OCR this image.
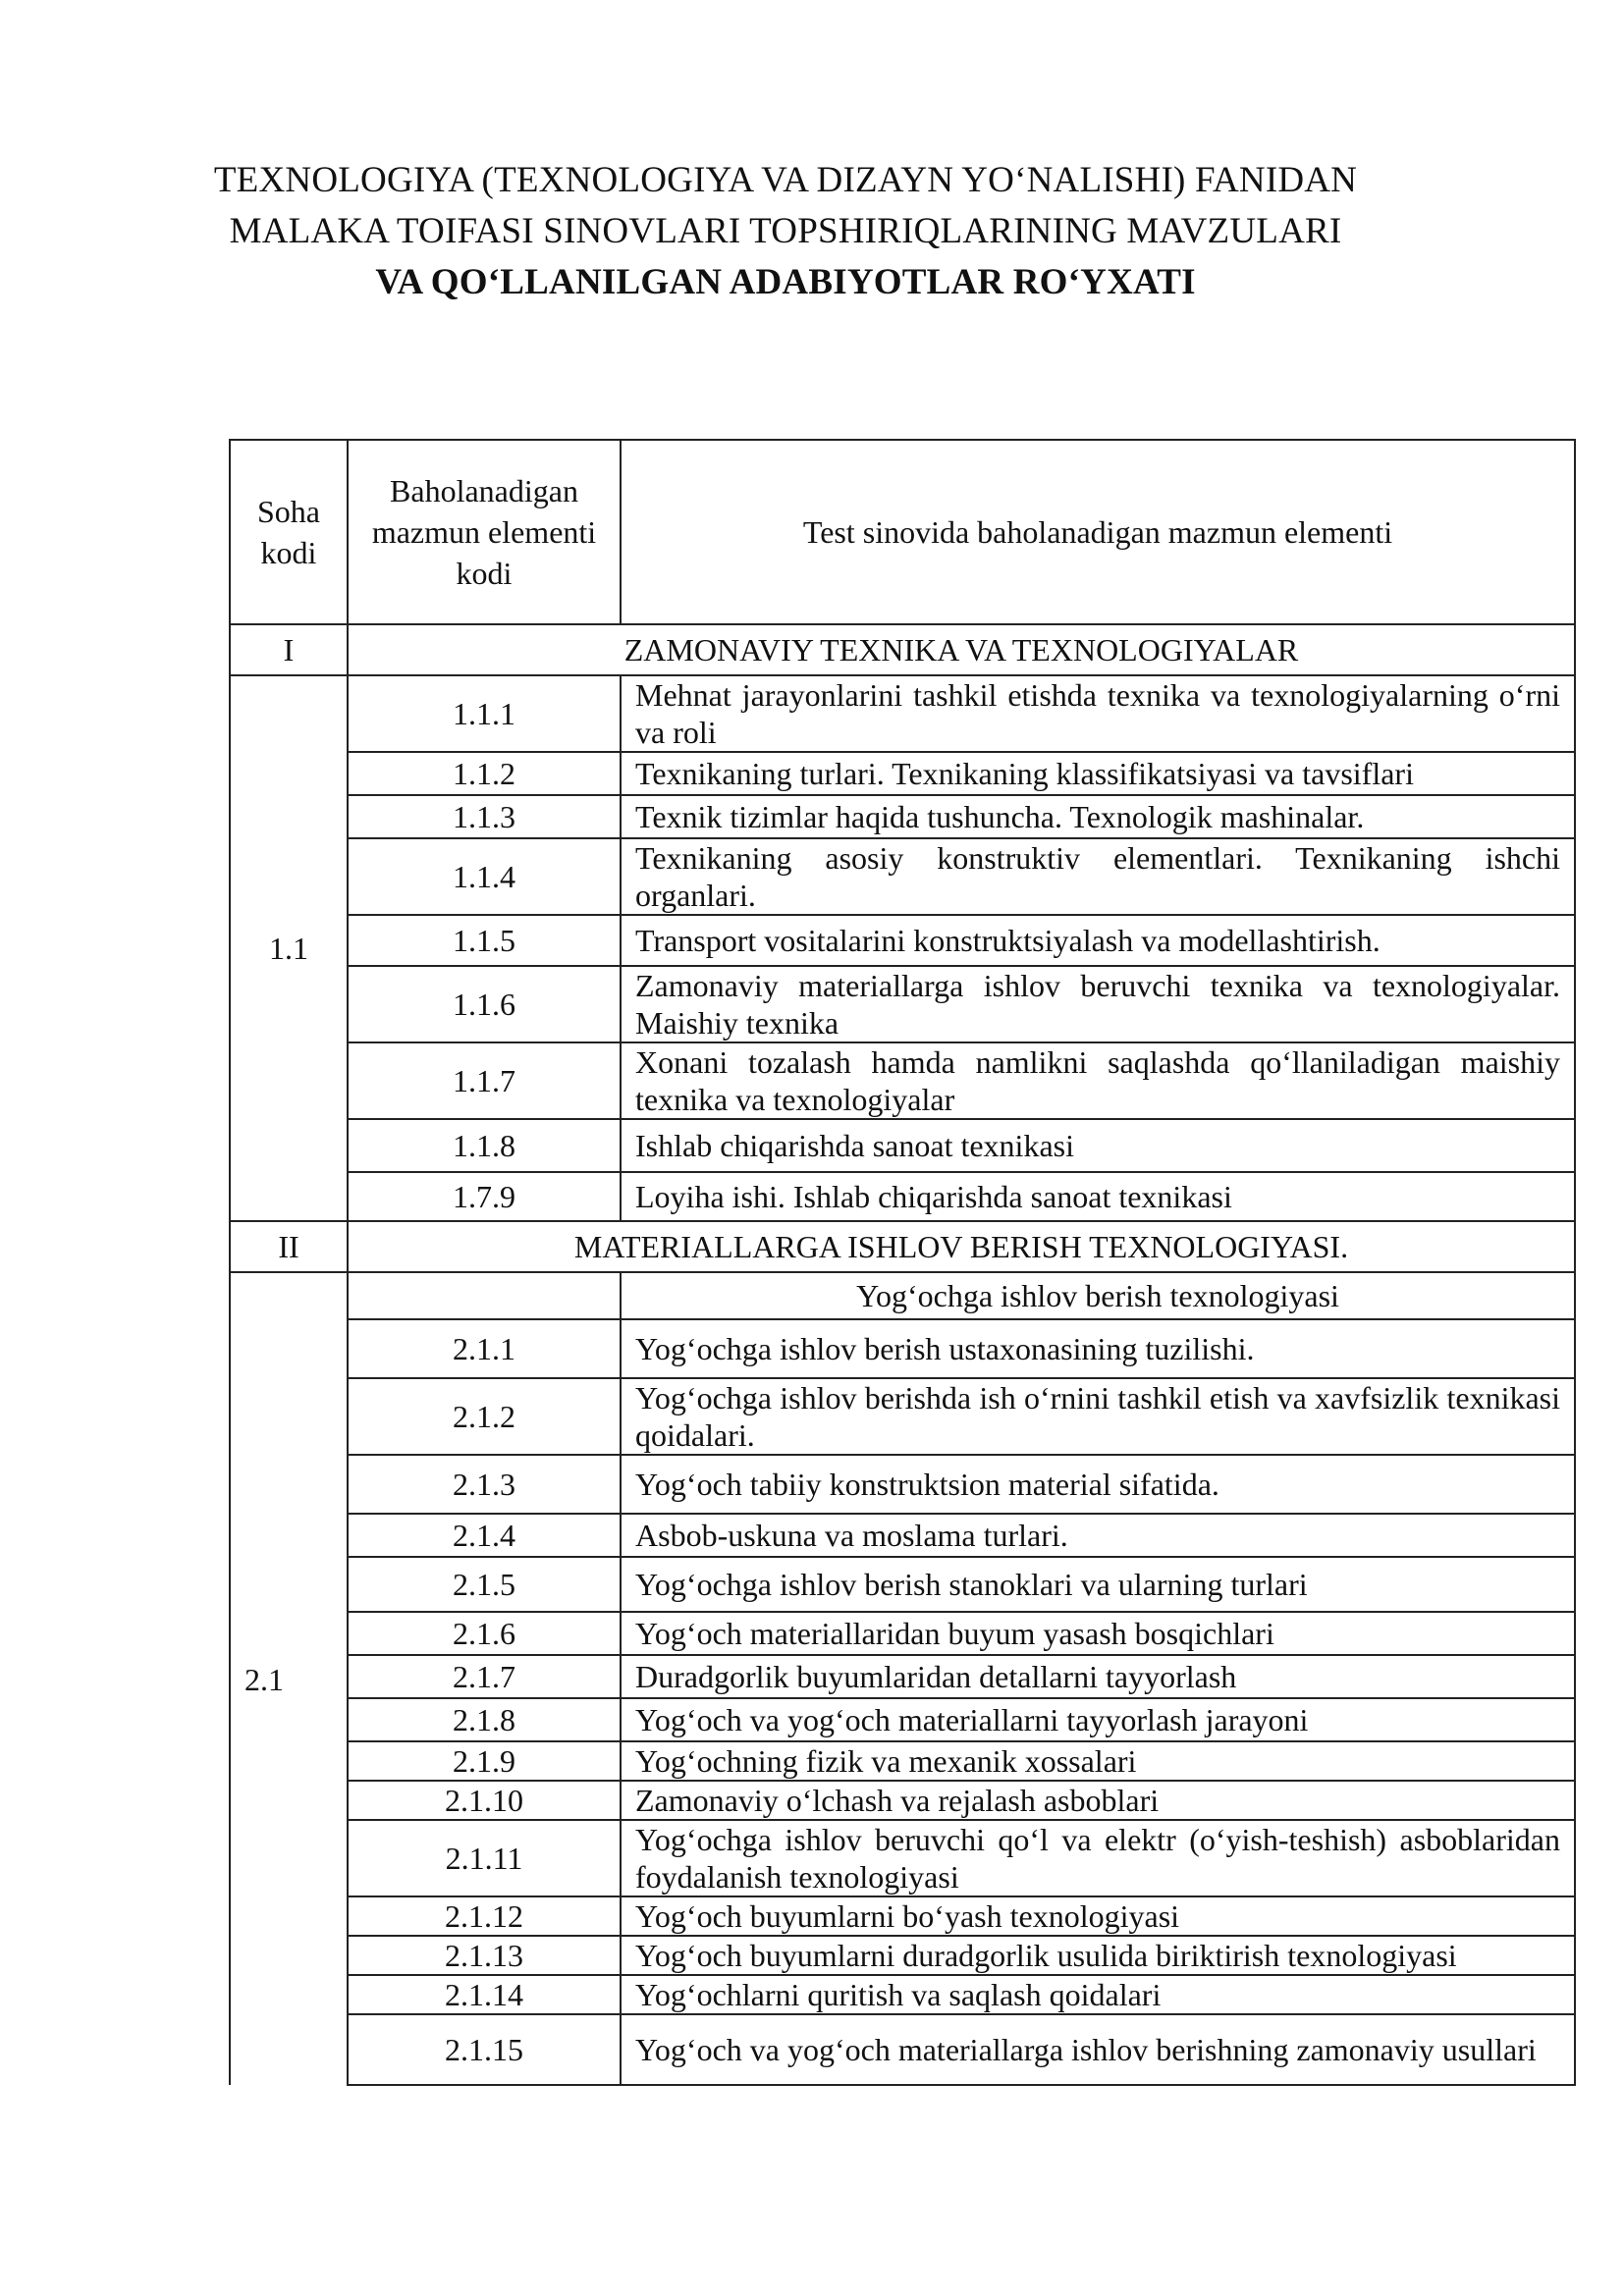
TEXNOLOGIYA (TEXNOLOGIYA VA DIZAYN YO‘NALISHI) FANIDAN
MALAKA TOIFASI SINOVLARI TOPSHIRIQLARINING MAVZULARI
VA QO‘LLANILGAN ADABIYOTLAR RO‘YXATI
Soha kodi	Baholanadigan mazmun elementi kodi	Test sinovida baholanadigan mazmun elementi
I	ZAMONAVIY TEXNIKA VA TEXNOLOGIYALAR	
1.1	1.1.1	Mehnat jarayonlarini tashkil etishda texnika va texnologiyalarning o‘rni va roli
	1.1.2	Texnikaning turlari. Texnikaning klassifikatsiyasi va tavsiflari
	1.1.3	Texnik tizimlar haqida tushuncha. Texnologik mashinalar.
	1.1.4	Texnikaning asosiy konstruktiv elementlari. Texnikaning ishchi organlari.
	1.1.5	Transport vositalarini konstruktsiyalash va modellashtirish.
	1.1.6	Zamonaviy materiallarga ishlov beruvchi texnika va texnologiyalar. Maishiy texnika
	1.1.7	Xonani tozalash hamda namlikni saqlashda qo‘llaniladigan maishiy texnika va texnologiyalar
	1.1.8	Ishlab chiqarishda sanoat texnikasi
	1.7.9	Loyiha ishi. Ishlab chiqarishda sanoat texnikasi
II	MATERIALLARGA ISHLOV BERISH TEXNOLOGIYASI.	
2.1		Yog‘ochga ishlov berish texnologiyasi
	2.1.1	Yog‘ochga ishlov berish ustaxonasining tuzilishi.
	2.1.2	Yog‘ochga ishlov berishda ish o‘rnini tashkil etish va xavfsizlik texnikasi qoidalari.
	2.1.3	Yog‘och tabiiy konstruktsion material sifatida.
	2.1.4	Asbob-uskuna va moslama turlari.
	2.1.5	Yog‘ochga ishlov berish stanoklari va ularning turlari
	2.1.6	Yog‘och materiallaridan buyum yasash bosqichlari
	2.1.7	Duradgorlik buyumlaridan detallarni tayyorlash
	2.1.8	Yog‘och va yog‘och materiallarni tayyorlash jarayoni
	2.1.9	Yog‘ochning fizik va mexanik xossalari
	2.1.10	Zamonaviy o‘lchash va rejalash asboblari
	2.1.11	Yog‘ochga ishlov beruvchi qo‘l va elektr (o‘yish-teshish) asboblaridan foydalanish texnologiyasi
	2.1.12	Yog‘och buyumlarni bo‘yash texnologiyasi
	2.1.13	Yog‘och buyumlarni duradgorlik usulida biriktirish texnologiyasi
	2.1.14	Yog‘ochlarni quritish va saqlash qoidalari
	2.1.15	Yog‘och va yog‘och materiallarga ishlov berishning zamonaviy usullari
